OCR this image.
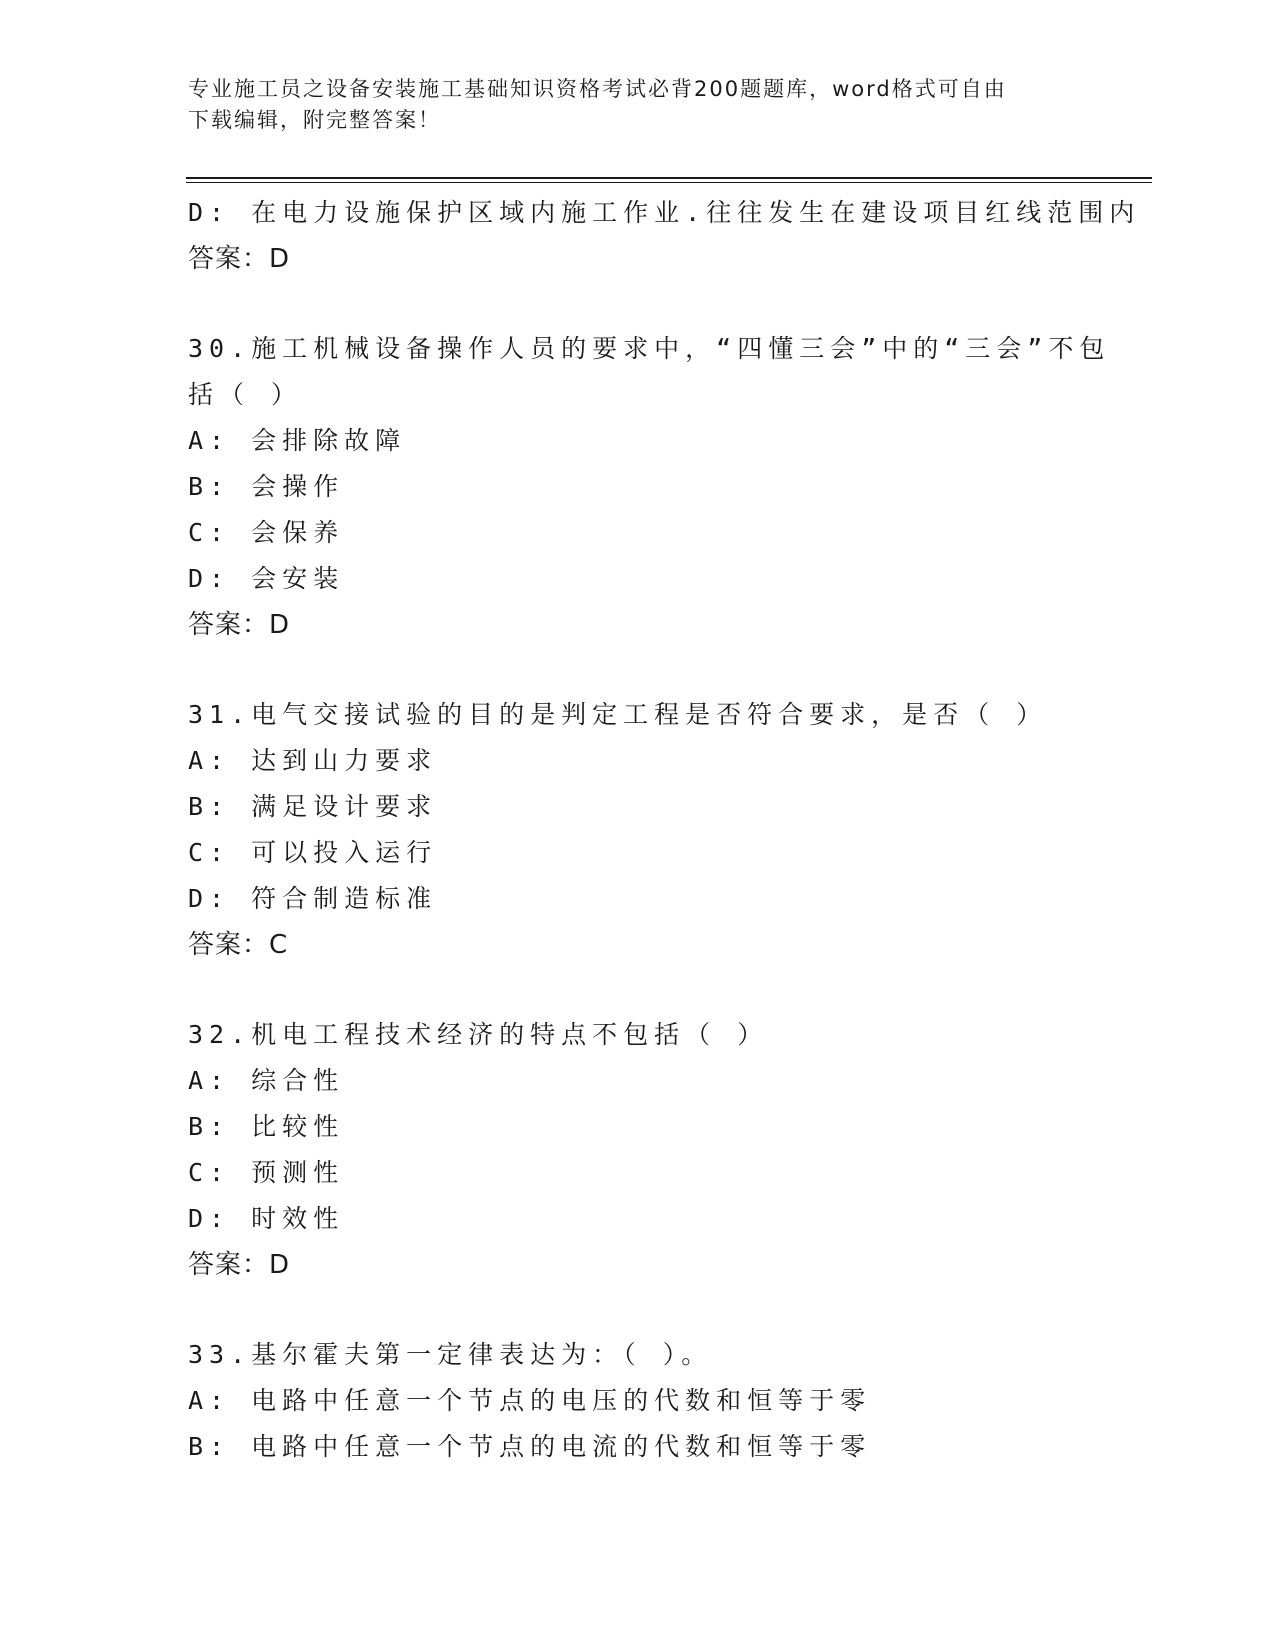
专业施工员之设备安装施工基础知识资格考试必背200题题库，word格式可自由
下载编辑，附完整答案！
D: 在电力设施保护区域内施工作业.往往发生在建设项目红线范围内
答案：D
30.施工机械设备操作人员的要求中，“四懂三会”中的“三会”不包
括（ ）
A: 会排除故障
B: 会操作
C: 会保养
D: 会安装
答案：D
31.电气交接试验的目的是判定工程是否符合要求，是否（ ）
A: 达到山力要求
B: 满足设计要求
C: 可以投入运行
D: 符合制造标准
答案：C
32.机电工程技术经济的特点不包括（ ）
A: 综合性
B: 比较性
C: 预测性
D: 时效性
答案：D
33.基尔霍夫第一定律表达为：（ ）。
A: 电路中任意一个节点的电压的代数和恒等于零
B: 电路中任意一个节点的电流的代数和恒等于零
